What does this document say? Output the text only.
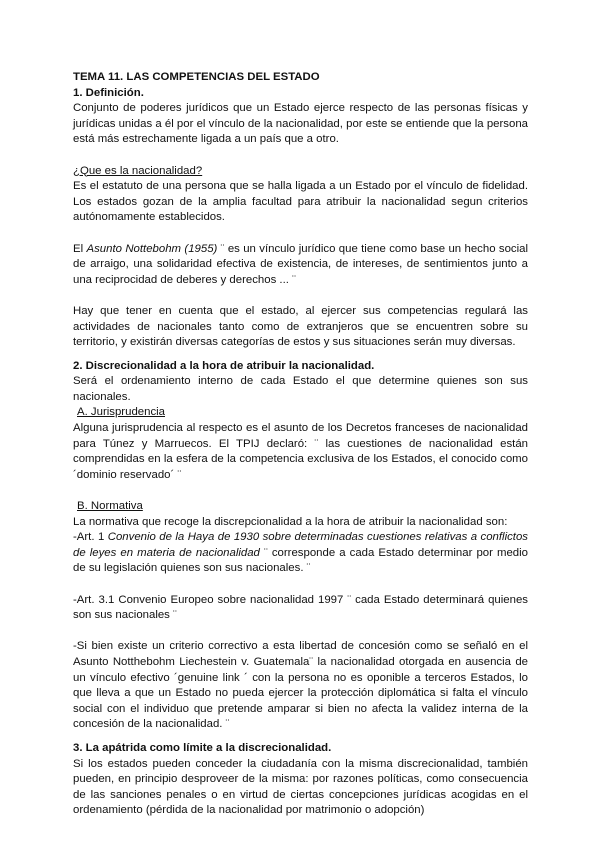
TEMA 11. LAS COMPETENCIAS DEL ESTADO

1. Definición.

Conjunto de poderes jurídicos que un Estado ejerce respecto de las personas físicas y jurídicas unidas a él por el vínculo de la nacionalidad, por este se entiende que la persona está más estrechamente ligada a un país que a otro.

¿Que es la nacionalidad?

Es el estatuto de una persona que se halla ligada a un Estado por el vínculo de fidelidad. Los estados gozan de la amplia facultad para atribuir la nacionalidad segun criterios autónomamente establecidos.

El Asunto Nottebohm (1955) ¨ es un vínculo jurídico que tiene como base un hecho social de arraigo, una solidaridad efectiva de existencia, de intereses, de sentimientos junto a una reciprocidad de deberes y derechos ... ¨

Hay que tener en cuenta que el estado, al ejercer sus competencias regulará las actividades de nacionales tanto como de extranjeros que se encuentren sobre su territorio, y existirán diversas categorías de estos y sus situaciones serán muy diversas.

2. Discrecionalidad a la hora de atribuir la nacionalidad.

Será el ordenamiento interno de cada Estado el que determine quienes son sus nacionales.

A. Jurisprudencia

Alguna jurisprudencia al respecto es el asunto de los Decretos franceses de nacionalidad para Túnez y Marruecos. El TPIJ declaró: ¨ las cuestiones de nacionalidad están comprendidas en la esfera de la competencia exclusiva de los Estados, el conocido como ´dominio reservado´ ¨

B. Normativa

La normativa que recoge la discrepcionalidad a la hora de atribuir la nacionalidad son:

-Art. 1 Convenio de la Haya de 1930 sobre determinadas cuestiones relativas a conflictos de leyes en materia de nacionalidad ¨ corresponde a cada Estado determinar por medio de su legislación quienes son sus nacionales. ¨

-Art. 3.1 Convenio Europeo sobre nacionalidad 1997 ¨ cada Estado determinará quienes son sus nacionales ¨

-Si bien existe un criterio correctivo a esta libertad de concesión como se señaló en el Asunto Notthebohm Liechestein v. Guatemala¨ la nacionalidad otorgada en ausencia de un vínculo efectivo ´genuine link ´ con la persona no es oponible a terceros Estados, lo que lleva a que un Estado no pueda ejercer la protección diplomática si falta el vínculo social con el individuo que pretende amparar si bien no afecta la validez interna de la concesión de la nacionalidad. ¨

3. La apátrida como límite a la discrecionalidad.

Si los estados pueden conceder la ciudadanía con la misma discrecionalidad, también pueden, en principio desproveer de la misma: por razones políticas, como consecuencia de las sanciones penales o en virtud de ciertas concepciones jurídicas acogidas en el ordenamiento (pérdida de la nacionalidad por matrimonio o adopción)
